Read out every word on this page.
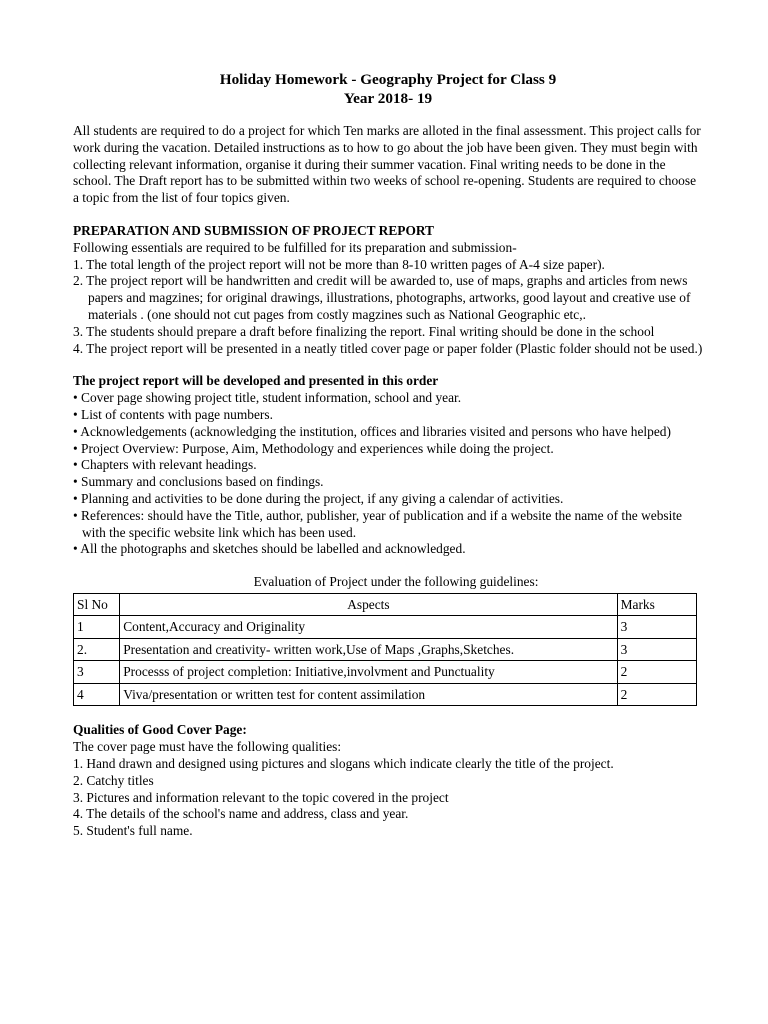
Holiday Homework - Geography Project for Class 9

Year 2018- 19

All students are required to do a project for which Ten marks are alloted in the final assessment. This project calls for work during the vacation. Detailed instructions as to how to go about the job have been given. They must begin with collecting relevant information, organise it during their summer vacation. Final writing needs to be done in the school. The Draft report has to be submitted within two weeks of school re-opening. Students are required to choose a topic from the list of four topics given.

PREPARATION AND SUBMISSION OF PROJECT REPORT

Following essentials are required to be fulfilled for its preparation and submission-

1. The total length of the project report will not be more than 8-10 written pages of A-4 size paper).
2. The project report will be handwritten and credit will be awarded to, use of maps, graphs and articles from news papers and magzines; for original drawings, illustrations, photographs, artworks, good layout and creative use of materials . (one should not cut pages from costly magzines such as National Geographic etc,.
3. The students should prepare a draft before finalizing the report. Final writing should be done in the school
4. The project report will be presented in a neatly titled cover page or paper folder (Plastic folder should not be used.)

The project report will be developed and presented in this order

• Cover page showing project title, student information, school and year.
• List of contents with page numbers.
• Acknowledgements (acknowledging the institution, offices and libraries visited and persons who have helped)
• Project Overview: Purpose, Aim, Methodology and experiences while doing the project.
• Chapters with relevant headings.
• Summary and conclusions based on findings.
• Planning and activities to be done during the project, if any giving a calendar of activities.
• References: should have the Title, author, publisher, year of publication and if a website the name of the website with the specific website link which has been used.
• All the photographs and sketches should be labelled and acknowledged.

Evaluation of Project under the following guidelines:

Sl No	Aspects	Marks
1	Content,Accuracy and Originality	3
2.	Presentation and creativity- written work,Use of Maps ,Graphs,Sketches.	3
3	Processs of project completion: Initiative,involvment and Punctuality	2
4	Viva/presentation or written test for content assimilation	2

Qualities of Good Cover Page:

The cover page must have the following qualities:

1. Hand drawn and designed using pictures and slogans which indicate clearly the title of the project.
2. Catchy titles
3. Pictures and information relevant to the topic covered in the project
4. The details of the school's name and address, class and year.
5. Student's full name.
